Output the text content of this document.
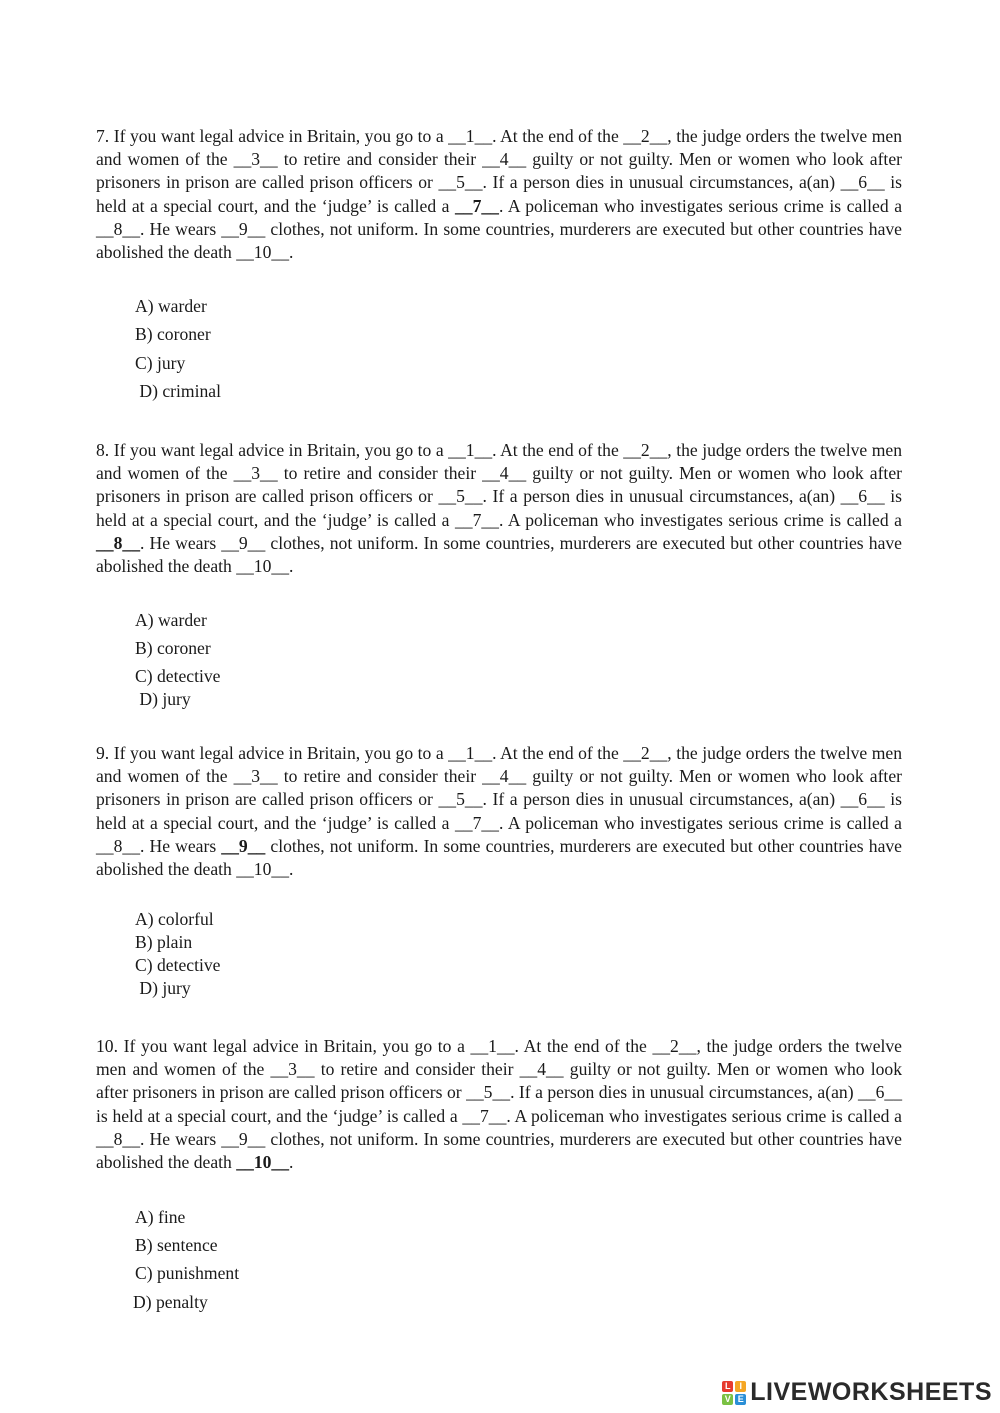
7. If you want legal advice in Britain, you go to a __1__. At the end of the __2__, the judge orders the twelve men and women of the __3__ to retire and consider their __4__ guilty or not guilty. Men or women who look after prisoners in prison are called prison officers or __5__. If a person dies in unusual circumstances, a(an) __6__ is held at a special court, and the ‘judge’ is called a __7__. A policeman who investigates serious crime is called a __8__. He wears __9__ clothes, not uniform. In some countries, murderers are executed but other countries have abolished the death __10__.

A) warder
B) coroner
C) jury
D) criminal

8. If you want legal advice in Britain, you go to a __1__. At the end of the __2__, the judge orders the twelve men and women of the __3__ to retire and consider their __4__ guilty or not guilty. Men or women who look after prisoners in prison are called prison officers or __5__. If a person dies in unusual circumstances, a(an) __6__ is held at a special court, and the ‘judge’ is called a __7__. A policeman who investigates serious crime is called a __8__. He wears __9__ clothes, not uniform. In some countries, murderers are executed but other countries have abolished the death __10__.

A) warder
B) coroner
C) detective
D) jury

9. If you want legal advice in Britain, you go to a __1__. At the end of the __2__, the judge orders the twelve men and women of the __3__ to retire and consider their __4__ guilty or not guilty. Men or women who look after prisoners in prison are called prison officers or __5__. If a person dies in unusual circumstances, a(an) __6__ is held at a special court, and the ‘judge’ is called a __7__. A policeman who investigates serious crime is called a __8__. He wears __9__ clothes, not uniform. In some countries, murderers are executed but other countries have abolished the death __10__.

A) colorful
B) plain
C) detective
D) jury

10. If you want legal advice in Britain, you go to a __1__. At the end of the __2__, the judge orders the twelve men and women of the __3__ to retire and consider their __4__ guilty or not guilty. Men or women who look after prisoners in prison are called prison officers or __5__. If a person dies in unusual circumstances, a(an) __6__ is held at a special court, and the ‘judge’ is called a __7__. A policeman who investigates serious crime is called a __8__. He wears __9__ clothes, not uniform. In some countries, murderers are executed but other countries have abolished the death __10__.

A) fine
B) sentence
C) punishment
D) penalty
L I
V E LIVEWORKSHEETS
